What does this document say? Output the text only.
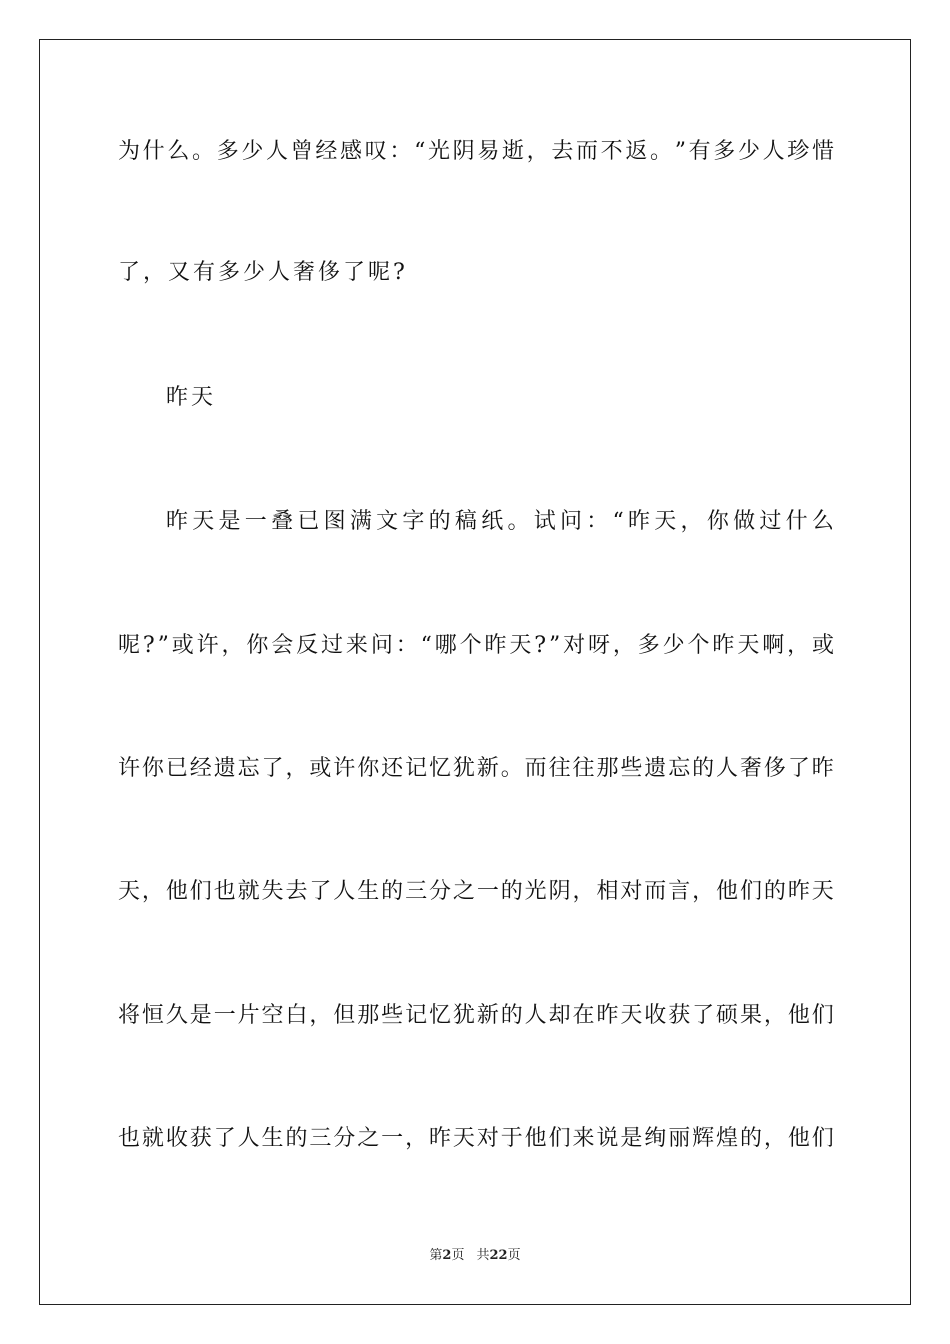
为 什 么 。 多 少 人 曾 经 感 叹 ： “ 光 阴 易 逝 ， 去 而 不 返 。 ” 有 多 少 人 珍 惜
了，又有多少人奢侈了呢?
昨天
昨 天 是 一 叠 已 图 满 文 字 的 稿 纸 。 试 问 ： “ 昨 天 ， 你 做 过 什 么
呢 ? ” 或 许 ， 你 会 反 过 来 问 ： “ 哪 个 昨 天 ? ” 对 呀 ， 多 少 个 昨 天 啊 ， 或
许 你 已 经 遗 忘 了 ， 或 许 你 还 记 忆 犹 新 。 而 往 往 那 些 遗 忘 的 人 奢 侈 了 昨
天 ， 他 们 也 就 失 去 了 人 生 的 三 分 之 一 的 光 阴 ， 相 对 而 言 ， 他 们 的 昨 天
将 恒 久 是 一 片 空 白 ， 但 那 些 记 忆 犹 新 的 人 却 在 昨 天 收 获 了 硕 果 ， 他 们
也 就 收 获 了 人 生 的 三 分 之 一 ， 昨 天 对 于 他 们 来 说 是 绚 丽 辉 煌 的 ， 他 们
第2页 共22页
